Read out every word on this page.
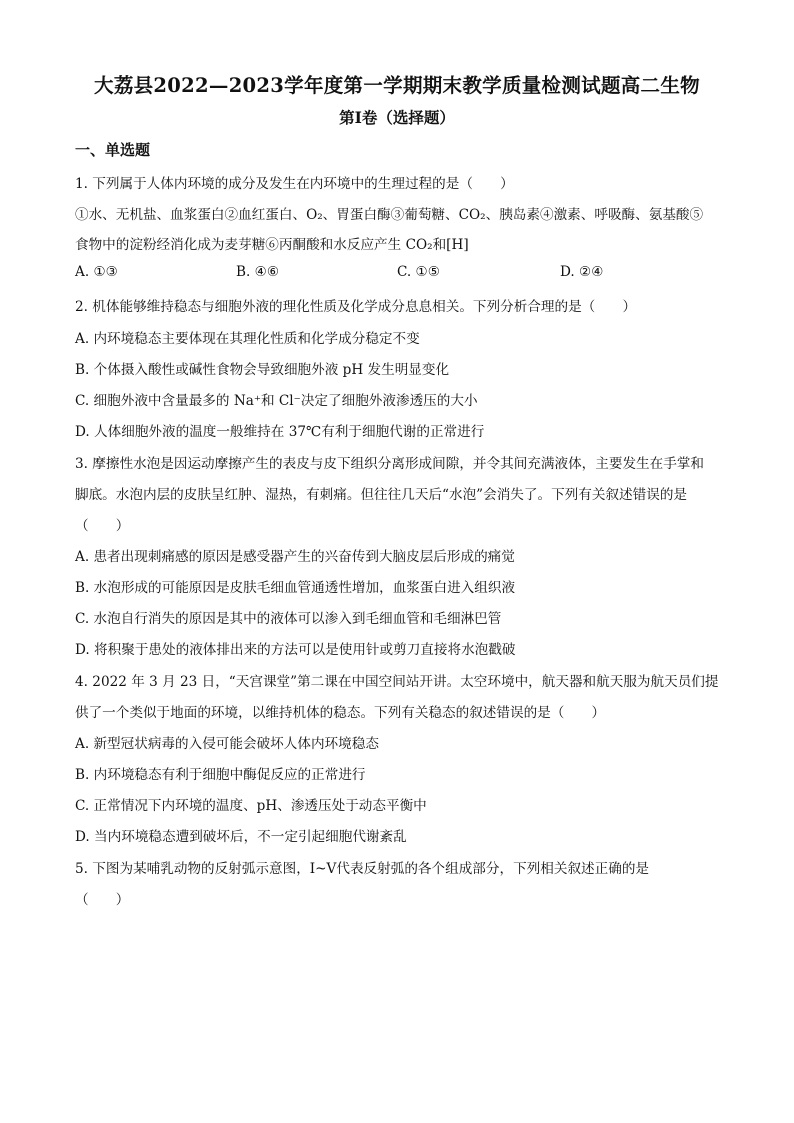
大荔县2022—2023学年度第一学期期末教学质量检测试题高二生物
第I卷（选择题）
一、单选题
1. 下列属于人体内环境的成分及发生在内环境中的生理过程的是（　　）
①水、无机盐、血浆蛋白②血红蛋白、O₂、胃蛋白酶③葡萄糖、CO₂、胰岛素④激素、呼吸酶、氨基酸⑤
食物中的淀粉经消化成为麦芽糖⑥丙酮酸和水反应产生 CO₂和[H]
A. ①③	B. ④⑥	C. ①⑤	D. ②④
2. 机体能够维持稳态与细胞外液的理化性质及化学成分息息相关。下列分析合理的是（　　）
A. 内环境稳态主要体现在其理化性质和化学成分稳定不变
B. 个体摄入酸性或碱性食物会导致细胞外液 pH 发生明显变化
C. 细胞外液中含量最多的 Na⁺和 Cl⁻决定了细胞外液渗透压的大小
D. 人体细胞外液的温度一般维持在 37℃有利于细胞代谢的正常进行
3. 摩擦性水泡是因运动摩擦产生的表皮与皮下组织分离形成间隙，并令其间充满液体，主要发生在手掌和
脚底。水泡内层的皮肤呈红肿、湿热，有刺痛。但往往几天后“水泡”会消失了。下列有关叙述错误的是
（　　）
A. 患者出现刺痛感的原因是感受器产生的兴奋传到大脑皮层后形成的痛觉
B. 水泡形成的可能原因是皮肤毛细血管通透性增加，血浆蛋白进入组织液
C. 水泡自行消失的原因是其中的液体可以渗入到毛细血管和毛细淋巴管
D. 将积聚于患处的液体排出来的方法可以是使用针或剪刀直接将水泡戳破
4. 2022 年 3 月 23 日，“天宫课堂”第二课在中国空间站开讲。太空环境中，航天器和航天服为航天员们提
供了一个类似于地面的环境，以维持机体的稳态。下列有关稳态的叙述错误的是（　　）
A. 新型冠状病毒的入侵可能会破坏人体内环境稳态
B. 内环境稳态有利于细胞中酶促反应的正常进行
C. 正常情况下内环境的温度、pH、渗透压处于动态平衡中
D. 当内环境稳态遭到破坏后，不一定引起细胞代谢紊乱
5. 下图为某哺乳动物的反射弧示意图，Ⅰ~Ⅴ代表反射弧的各个组成部分，下列相关叙述正确的是
（　　）
